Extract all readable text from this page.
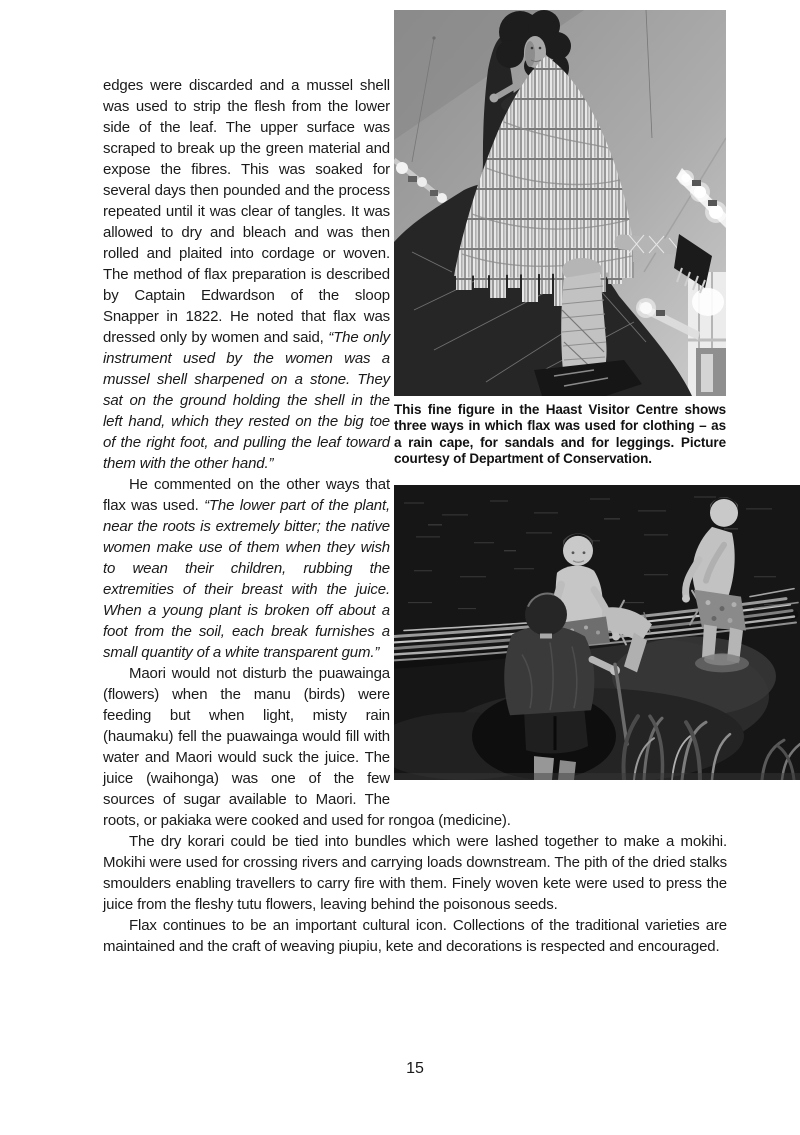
This fine figure in the Haast Visitor Centre shows three ways in which flax was used for clothing – as a rain cape, for sandals and for leggings. Picture courtesy of Department of Conservation.

edges were discarded and a mussel shell was used to strip the flesh from the lower side of the leaf. The upper surface was scraped to break up the green material and expose the fibres. This was soaked for several days then pounded and the process repeated until it was clear of tangles. It was allowed to dry and bleach and was then rolled and plaited into cordage or woven. The method of flax preparation is described by Captain Edwardson of the sloop Snapper in 1822. He noted that flax was dressed only by women and said, “The only instrument used by the women was a mussel shell sharpened on a stone. They sat on the ground holding the shell in the left hand, which they rested on the big toe of the right foot, and pulling the leaf toward them with the other hand.”

He commented on the other ways that flax was used. “The lower part of the plant, near the roots is extremely bitter; the native women make use of them when they wish to wean their children, rubbing the extremities of their breast with the juice. When a young plant is broken off about a foot from the soil, each break furnishes a small quantity of a white transparent gum.”

Maori would not disturb the puawainga (flowers) when the manu (birds) were feeding but when light, misty rain (haumaku) fell the puawainga would fill with water and Maori would suck the juice. The juice (waihonga) was one of the few sources of sugar available to Maori. The roots, or pakiaka were cooked and used for rongoa (medicine).

The dry korari could be tied into bundles which were lashed together to make a mokihi. Mokihi were used for crossing rivers and carrying loads downstream. The pith of the dried stalks smoulders enabling travellers to carry fire with them. Finely woven kete were used to press the juice from the fleshy tutu flowers, leaving behind the poisonous seeds.

Flax continues to be an important cultural icon. Collections of the traditional varieties are maintained and the craft of weaving piupiu, kete and decorations is respected and encouraged.

15
